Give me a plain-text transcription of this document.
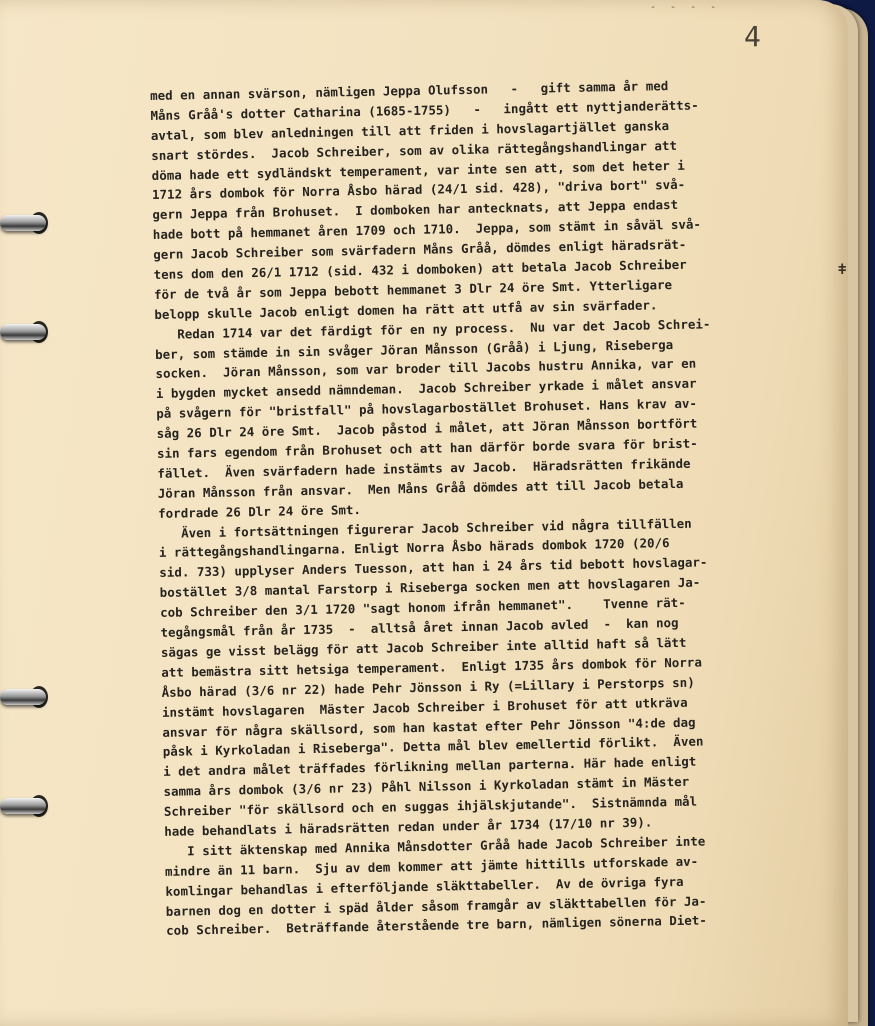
- - - -
4
ǂ
med en annan svärson, nämligen Jeppa Olufsson   -   gift samma år med
Måns Gråå's dotter Catharina (1685-1755)   -   ingått ett nyttjanderätts-
avtal, som blev anledningen till att friden i hovslagartjället ganska
snart stördes.  Jacob Schreiber, som av olika rättegångshandlingar att
döma hade ett sydländskt temperament, var inte sen att, som det heter i
1712 års dombok för Norra Åsbo härad (24/1 sid. 428), "driva bort" svå-
gern Jeppa från Brohuset.  I domboken har antecknats, att Jeppa endast
hade bott på hemmanet åren 1709 och 1710.  Jeppa, som stämt in såväl svå-
gern Jacob Schreiber som svärfadern Måns Gråå, dömdes enligt häradsrät-
tens dom den 26/1 1712 (sid. 432 i domboken) att betala Jacob Schreiber
för de två år som Jeppa bebott hemmanet 3 Dlr 24 öre Smt. Ytterligare
belopp skulle Jacob enligt domen ha rätt att utfå av sin svärfader.
Redan 1714 var det färdigt för en ny process.  Nu var det Jacob Schrei-
ber, som stämde in sin svåger Jöran Månsson (Gråå) i Ljung, Riseberga
socken.  Jöran Månsson, som var broder till Jacobs hustru Annika, var en
i bygden mycket ansedd nämndeman.  Jacob Schreiber yrkade i målet ansvar
på svågern för "bristfall" på hovslagarbostället Brohuset. Hans krav av-
såg 26 Dlr 24 öre Smt.  Jacob påstod i målet, att Jöran Månsson bortfört
sin fars egendom från Brohuset och att han därför borde svara för brist-
fället.  Även svärfadern hade instämts av Jacob.  Häradsrätten frikände
Jöran Månsson från ansvar.  Men Måns Gråå dömdes att till Jacob betala
fordrade 26 Dlr 24 öre Smt.
Även i fortsättningen figurerar Jacob Schreiber vid några tillfällen
i rättegångshandlingarna. Enligt Norra Åsbo härads dombok 1720 (20/6
sid. 733) upplyser Anders Tuesson, att han i 24 års tid bebott hovslagar-
bostället 3/8 mantal Farstorp i Riseberga socken men att hovslagaren Ja-
cob Schreiber den 3/1 1720 "sagt honom ifrån hemmanet".    Tvenne rät-
tegångsmål från år 1735  -  alltså året innan Jacob avled  -  kan nog
sägas ge visst belägg för att Jacob Schreiber inte alltid haft så lätt
att bemästra sitt hetsiga temperament.  Enligt 1735 års dombok för Norra
Åsbo härad (3/6 nr 22) hade Pehr Jönsson i Ry (=Lillary i Perstorps sn)
instämt hovslagaren  Mäster Jacob Schreiber i Brohuset för att utkräva
ansvar för några skällsord, som han kastat efter Pehr Jönsson "4:de dag
påsk i Kyrkoladan i Riseberga". Detta mål blev emellertid förlikt.  Även
i det andra målet träffades förlikning mellan parterna. Här hade enligt
samma års dombok (3/6 nr 23) Påhl Nilsson i Kyrkoladan stämt in Mäster
Schreiber "för skällsord och en suggas ihjälskjutande".  Sistnämnda mål
hade behandlats i häradsrätten redan under år 1734 (17/10 nr 39).
I sitt äktenskap med Annika Månsdotter Gråå hade Jacob Schreiber inte
mindre än 11 barn.  Sju av dem kommer att jämte hittills utforskade av-
komlingar behandlas i efterföljande släkttabeller.  Av de övriga fyra
barnen dog en dotter i späd ålder såsom framgår av släkttabellen för Ja-
cob Schreiber.  Beträffande återstående tre barn, nämligen sönerna Diet-
